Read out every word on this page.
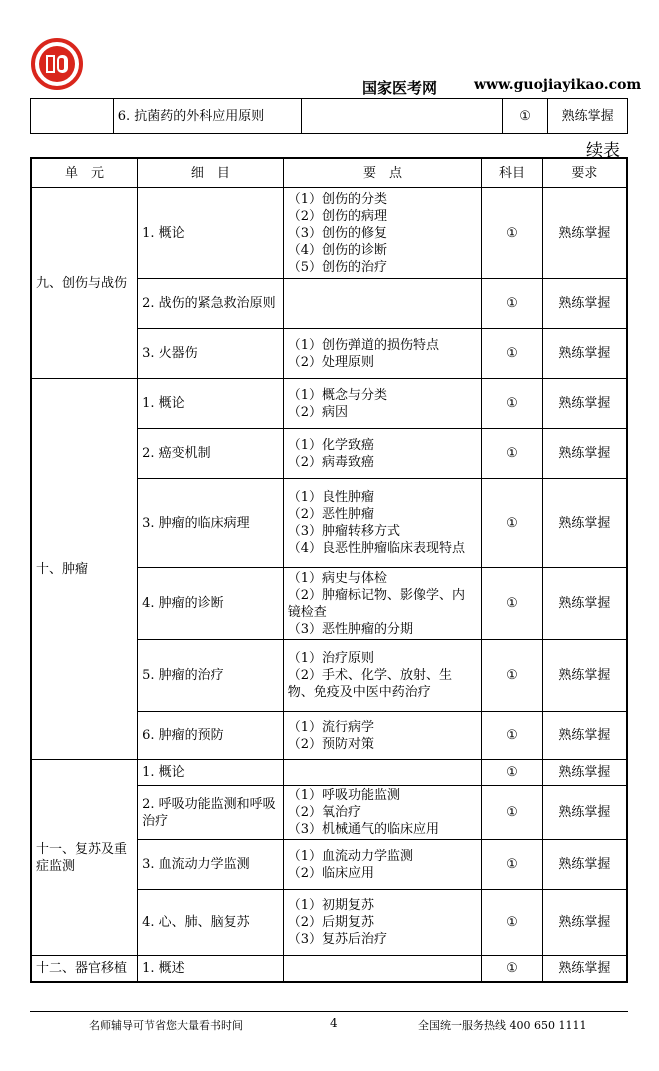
国家医考网	www.guojiayikao.com
	6. 抗菌药的外科应用原则		①	熟练掌握
续表
单　元	细　目	要　点	科目	要求
九、创伤与战伤	1. 概论	（1）创伤的分类
（2）创伤的病理
（3）创伤的修复
（4）创伤的诊断
（5）创伤的治疗	①	熟练掌握
	2. 战伤的紧急救治原则		①	熟练掌握
	3. 火器伤	（1）创伤弹道的损伤特点
（2）处理原则	①	熟练掌握
十、肿瘤	1. 概论	（1）概念与分类
（2）病因	①	熟练掌握
	2. 癌变机制	（1）化学致癌
（2）病毒致癌	①	熟练掌握
	3. 肿瘤的临床病理	（1）良性肿瘤
（2）恶性肿瘤
（3）肿瘤转移方式
（4）良恶性肿瘤临床表现特点	①	熟练掌握
	4. 肿瘤的诊断	（1）病史与体检
（2）肿瘤标记物、影像学、内镜检查
（3）恶性肿瘤的分期	①	熟练掌握
	5. 肿瘤的治疗	（1）治疗原则
（2）手术、化学、放射、生物、免疫及中医中药治疗	①	熟练掌握
	6. 肿瘤的预防	（1）流行病学
（2）预防对策	①	熟练掌握
十一、复苏及重症监测	1. 概论		①	熟练掌握
	2. 呼吸功能监测和呼吸　治疗	（1）呼吸功能监测
（2）氧治疗
（3）机械通气的临床应用	①	熟练掌握
	3. 血流动力学监测	（1）血流动力学监测
（2）临床应用	①	熟练掌握
	4. 心、肺、脑复苏	（1）初期复苏
（2）后期复苏
（3）复苏后治疗	①	熟练掌握
十二、器官移植	1. 概述		①	熟练掌握
名师辅导可节省您大量看书时间	4	全国统一服务热线 400 650 1111
